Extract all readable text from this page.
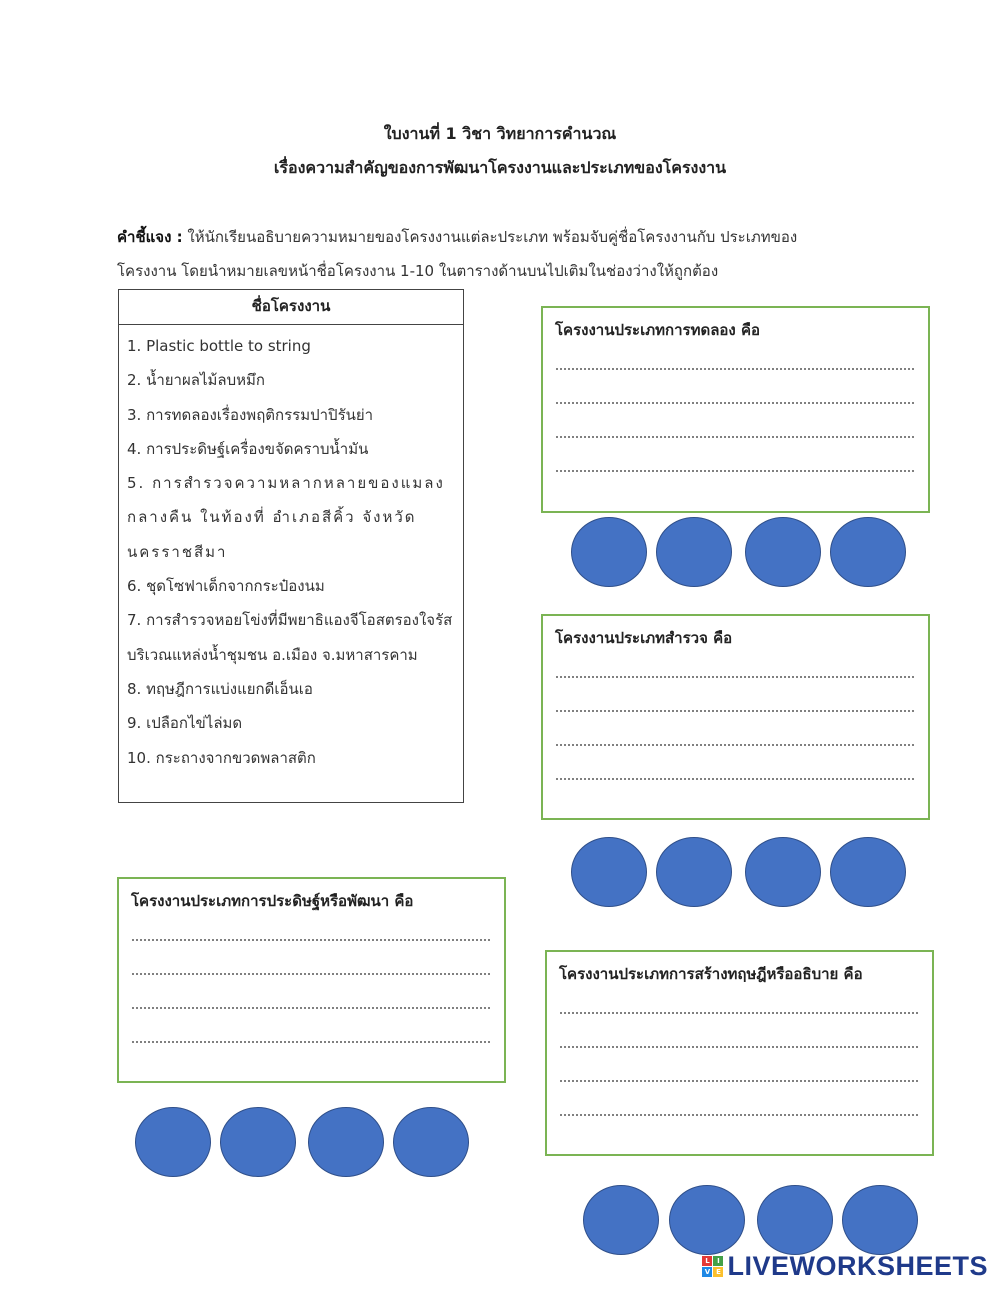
ใบงานที่ 1 วิชา วิทยาการคำนวณ
เรื่องความสำคัญของการพัฒนาโครงงานและประเภทของโครงงาน
คำชี้แจง : ให้นักเรียนอธิบายความหมายของโครงงานแต่ละประเภท พร้อมจับคู่ชื่อโครงงานกับ ประเภทของ
โครงงาน โดยนำหมายเลขหน้าชื่อโครงงาน 1-10 ในตารางด้านบนไปเติมในช่องว่างให้ถูกต้อง
ชื่อโครงงาน
1. Plastic bottle to string
2. น้ำยาผลไม้ลบหมึก
3. การทดลองเรื่องพฤติกรรมปาปิรันย่า
4. การประดิษฐ์เครื่องขจัดคราบน้ำมัน
5. การสำรวจความหลากหลายของแมลงกลางคืน ในท้องที่ อำเภอสีคิ้ว จังหวัดนครราชสีมา
6. ชุดโซฟาเด็กจากกระป๋องนม
7. การสำรวจหอยโข่งที่มีพยาธิแองจีโอสตรองใจรัส บริเวณแหล่งน้ำชุมชน อ.เมือง จ.มหาสารคาม
8. ทฤษฎีการแบ่งแยกดีเอ็นเอ
9. เปลือกไข่ไล่มด
10. กระถางจากขวดพลาสติก
โครงงานประเภทการทดลอง คือ
โครงงานประเภทสำรวจ คือ
โครงงานประเภทการประดิษฐ์หรือพัฒนา คือ
โครงงานประเภทการสร้างทฤษฎีหรืออธิบาย คือ
L	I
V E LIVEWORKSHEETS
